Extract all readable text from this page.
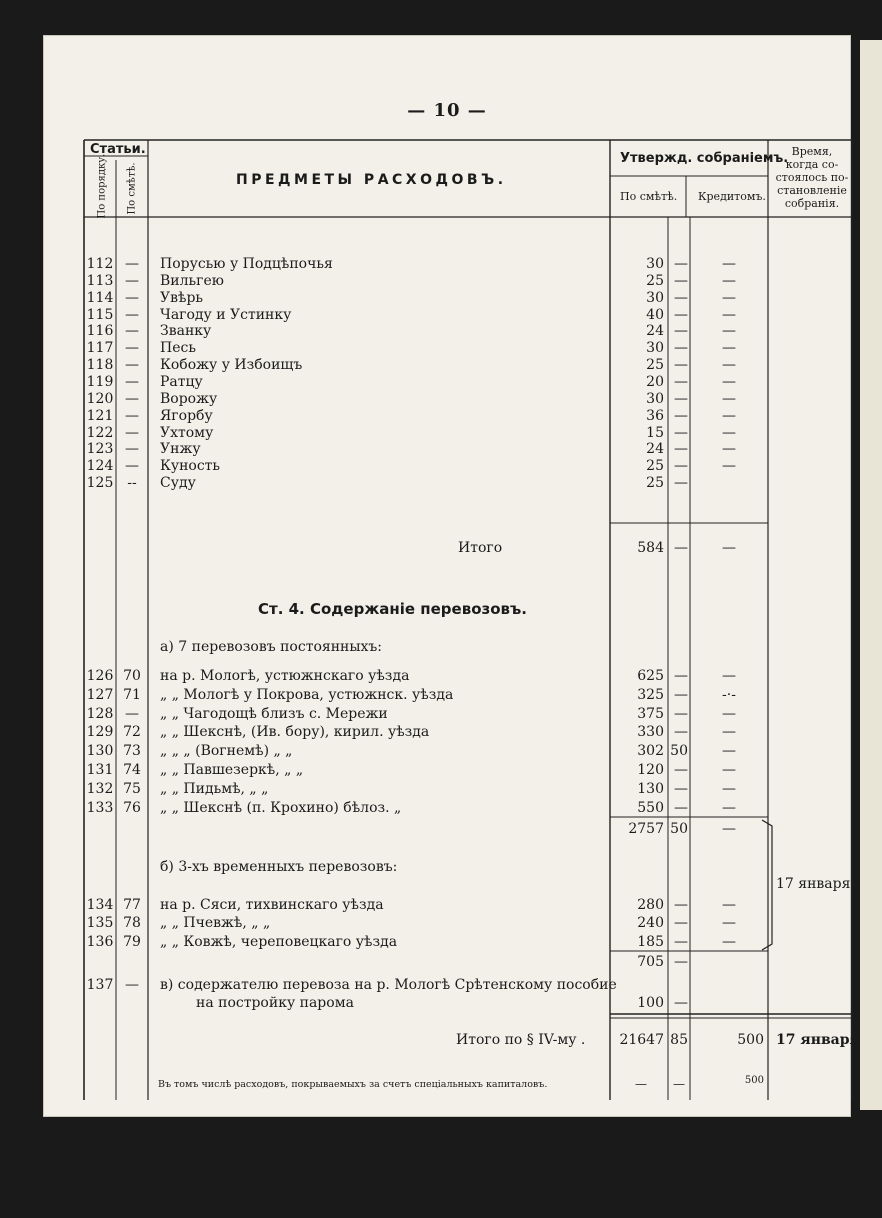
— 10 —
Статьи.
По порядку. По смѣтѣ.	ПРЕДМЕТЫ РАСХОДОВЪ.
Утвержд. собраніемъ.
По смѣтѣ. Кредитомъ.
Время,
когда со-
стоялось по-
становленіе
собранія.
112 —	Порусью у Подцѣпочья	30 —	—
113 —	Вильгею	25 —	—
114 —	Увѣрь	30 —	—
115 —	Чагоду и Устинку	40 —	—
116 —	Званку	24 —	—
117 —	Песь	30 —	—
118 —	Кобожу у Избоищъ	25 —	—
119 —	Ратцу	20 —	—
120 —	Ворожу	30 —	—
121 —	Ягорбу	36 —	—
122 —	Ухтому	15 —	—
123 —	Унжу	24 —	—
124 —	Куность	25 —	—
125 --	Суду	25 —
Итого	584 —	—
Ст. 4. Содержаніе перевозовъ.
а) 7 перевозовъ постоянныхъ:
126 70	на р. Мологѣ, устюжнскаго уѣзда	625 —	—
127 71	„ „ Мологѣ у Покрова, устюжнск. уѣзда	325 —	-·-
128 —	„ „ Чагодощѣ близъ с. Мережи	375 —	—
129 72	„ „ Шекснѣ, (Ив. бору), кирил. уѣзда	330 —	—
130 73	„ „ „ (Вогнемѣ) „ „	302 50	—
131 74	„ „ Павшезеркѣ, „ „	120 —	—
132 75	„ „ Пидьмѣ, „ „	130 —	—
133 76	„ „ Шекснѣ (п. Крохино) бѣлоз. „	550 —	—
2757 50	—
б) 3-хъ временныхъ перевозовъ:
17 января
134 77	на р. Сяси, тихвинскаго уѣзда	280 —	—
135 78	„ „ Пчевжѣ, „ „	240 —	—
136 79	„ „ Ковжѣ, череповецкаго уѣзда	185 —	—
705 —
137 —	в) содержателю перевоза на р. Мологѣ Срѣтенскому пособие
на постройку парома	100 —
Итого по § IV-му .	21647 85	500 17 января
Въ томъ числѣ расходовъ, покрываемыхъ за счетъ спеціальныхъ капиталовъ.	—	—	500
